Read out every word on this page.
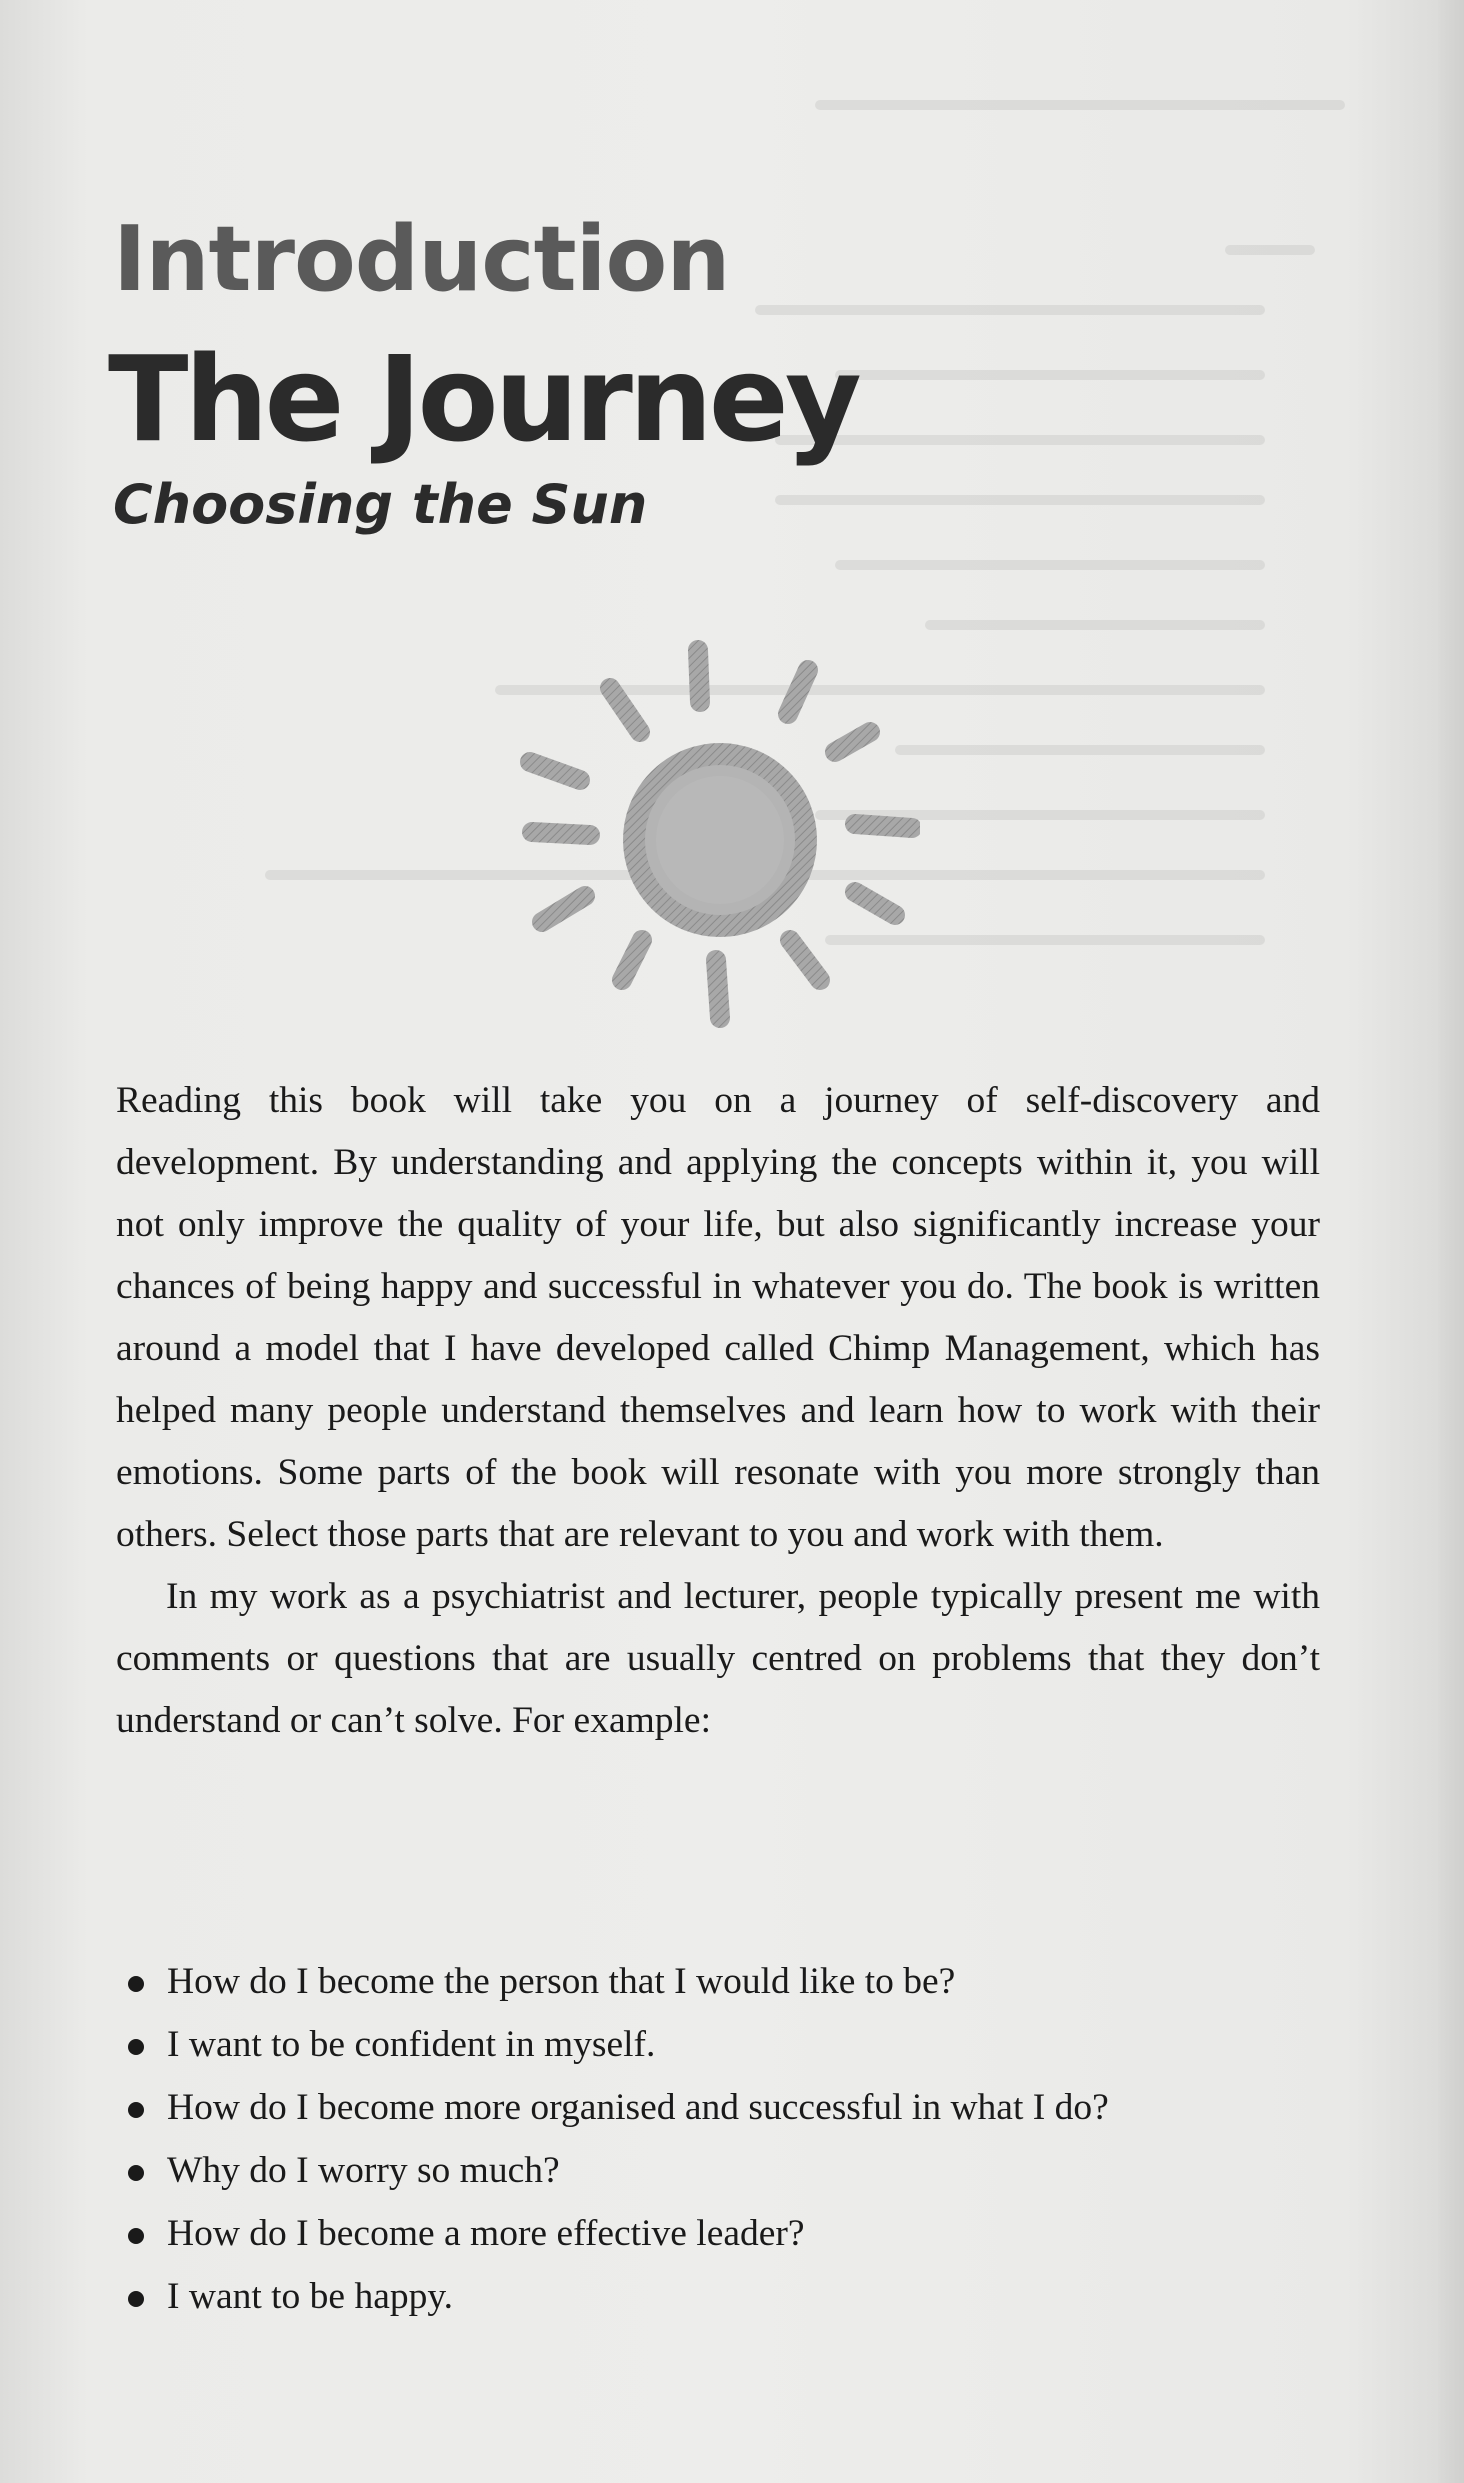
Introduction
The Journey
Choosing the Sun

Reading this book will take you on a journey of self-discovery and development. By understanding and applying the concepts within it, you will not only improve the quality of your life, but also significantly increase your chances of being happy and successful in whatever you do. The book is written around a model that I have developed called Chimp Management, which has helped many people understand themselves and learn how to work with their emotions. Some parts of the book will resonate with you more strongly than others. Select those parts that are relevant to you and work with them.

In my work as a psychiatrist and lecturer, people typically present me with comments or questions that are usually centred on problems that they don’t understand or can’t solve. For example:

How do I become the person that I would like to be?
I want to be confident in myself.
How do I become more organised and successful in what I do?
Why do I worry so much?
How do I become a more effective leader?
I want to be happy.
